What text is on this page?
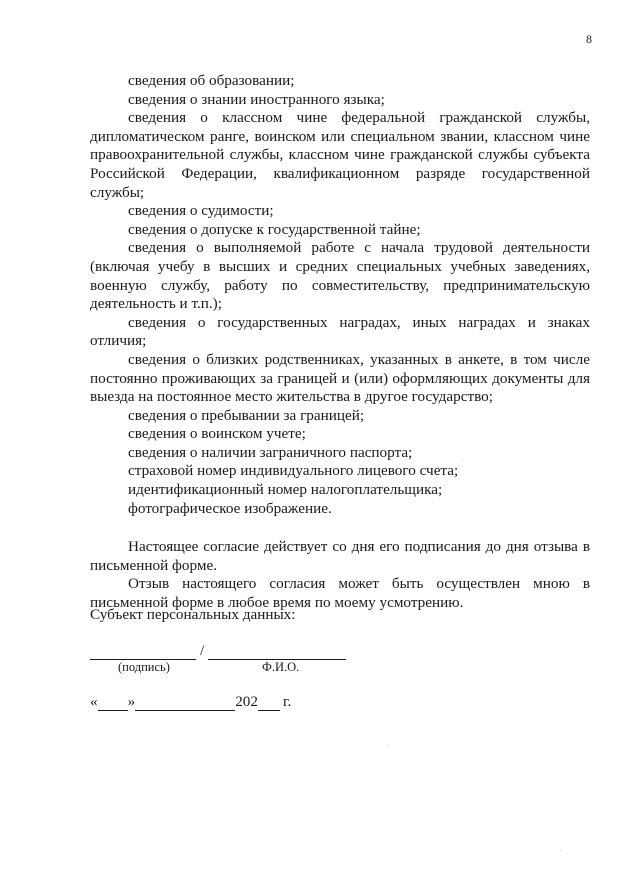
8

сведения об образовании;

сведения о знании иностранного языка;

сведения о классном чине федеральной гражданской службы, дипломатическом ранге, воинском или специальном звании, классном чине правоохранительной службы, классном чине гражданской службы субъекта Российской Федерации, квалификационном разряде государственной службы;

сведения о судимости;

сведения о допуске к государственной тайне;

сведения о выполняемой работе с начала трудовой деятельности (включая учебу в высших и средних специальных учебных заведениях, военную службу, работу по совместительству, предпринимательскую деятельность и т.п.);

сведения о государственных наградах, иных наградах и знаках отличия;

сведения о близких родственниках, указанных в анкете, в том числе постоянно проживающих за границей и (или) оформляющих документы для выезда на постоянное место жительства в другое государство;

сведения о пребывании за границей;

сведения о воинском учете;

сведения о наличии заграничного паспорта;

страховой номер индивидуального лицевого счета;

идентификационный номер налогоплательщика;

фотографическое изображение.

Настоящее согласие действует со дня его подписания до дня отзыва в письменной форме.

Отзыв настоящего согласия может быть осуществлен мною в письменной форме в любое время по моему усмотрению.

Субъект персональных данных:
/
(подпись)	Ф.И.О.
« »	202 г.
